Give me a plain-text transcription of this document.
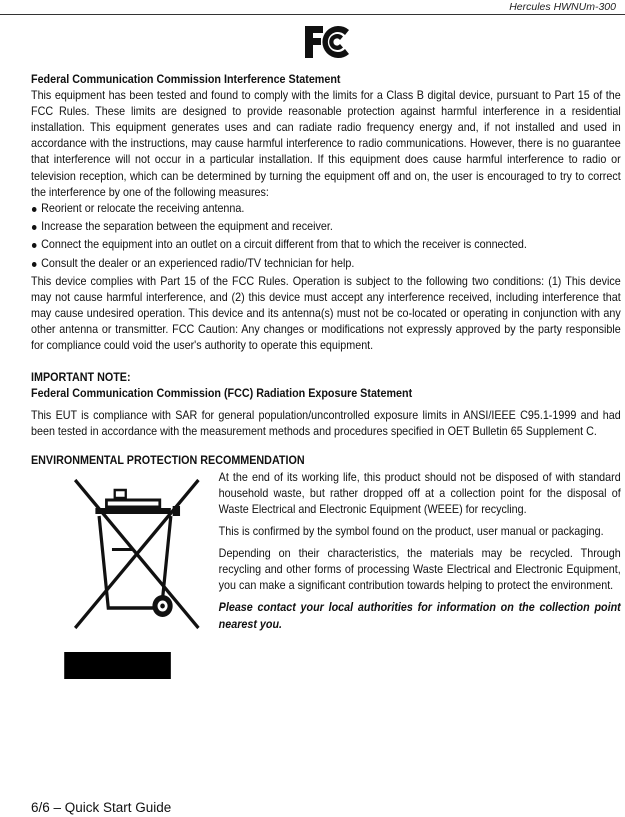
Hercules HWNUm-300

Federal Communication Commission Interference Statement

This equipment has been tested and found to comply with the limits for a Class B digital device, pursuant to Part 15 of the FCC Rules. These limits are designed to provide reasonable protection against harmful interference in a residential installation. This equipment generates uses and can radiate radio frequency energy and, if not installed and used in accordance with the instructions, may cause harmful interference to radio communications. However, there is no guarantee that interference will not occur in a particular installation. If this equipment does cause harmful interference to radio or television reception, which can be determined by turning the equipment off and on, the user is encouraged to try to correct the interference by one of the following measures:

Reorient or relocate the receiving antenna.
Increase the separation between the equipment and receiver.
Connect the equipment into an outlet on a circuit different from that to which the receiver is connected.
Consult the dealer or an experienced radio/TV technician for help.

This device complies with Part 15 of the FCC Rules. Operation is subject to the following two conditions: (1) This device may not cause harmful interference, and (2) this device must accept any interference received, including interference that may cause undesired operation. This device and its antenna(s) must not be co-located or operating in conjunction with any other antenna or transmitter. FCC Caution: Any changes or modifications not expressly approved by the party responsible for compliance could void the user's authority to operate this equipment.

IMPORTANT NOTE:

Federal Communication Commission (FCC) Radiation Exposure Statement

This EUT is compliance with SAR for general population/uncontrolled exposure limits in ANSI/IEEE C95.1-1999 and had been tested in accordance with the measurement methods and procedures specified in OET Bulletin 65 Supplement C.

ENVIRONMENTAL PROTECTION RECOMMENDATION

At the end of its working life, this product should not be disposed of with standard household waste, but rather dropped off at a collection point for the disposal of Waste Electrical and Electronic Equipment (WEEE) for recycling.

This is confirmed by the symbol found on the product, user manual or packaging.

Depending on their characteristics, the materials may be recycled. Through recycling and other forms of processing Waste Electrical and Electronic Equipment, you can make a significant contribution towards helping to protect the environment.

Please contact your local authorities for information on the collection point nearest you.

6/6 – Quick Start Guide
